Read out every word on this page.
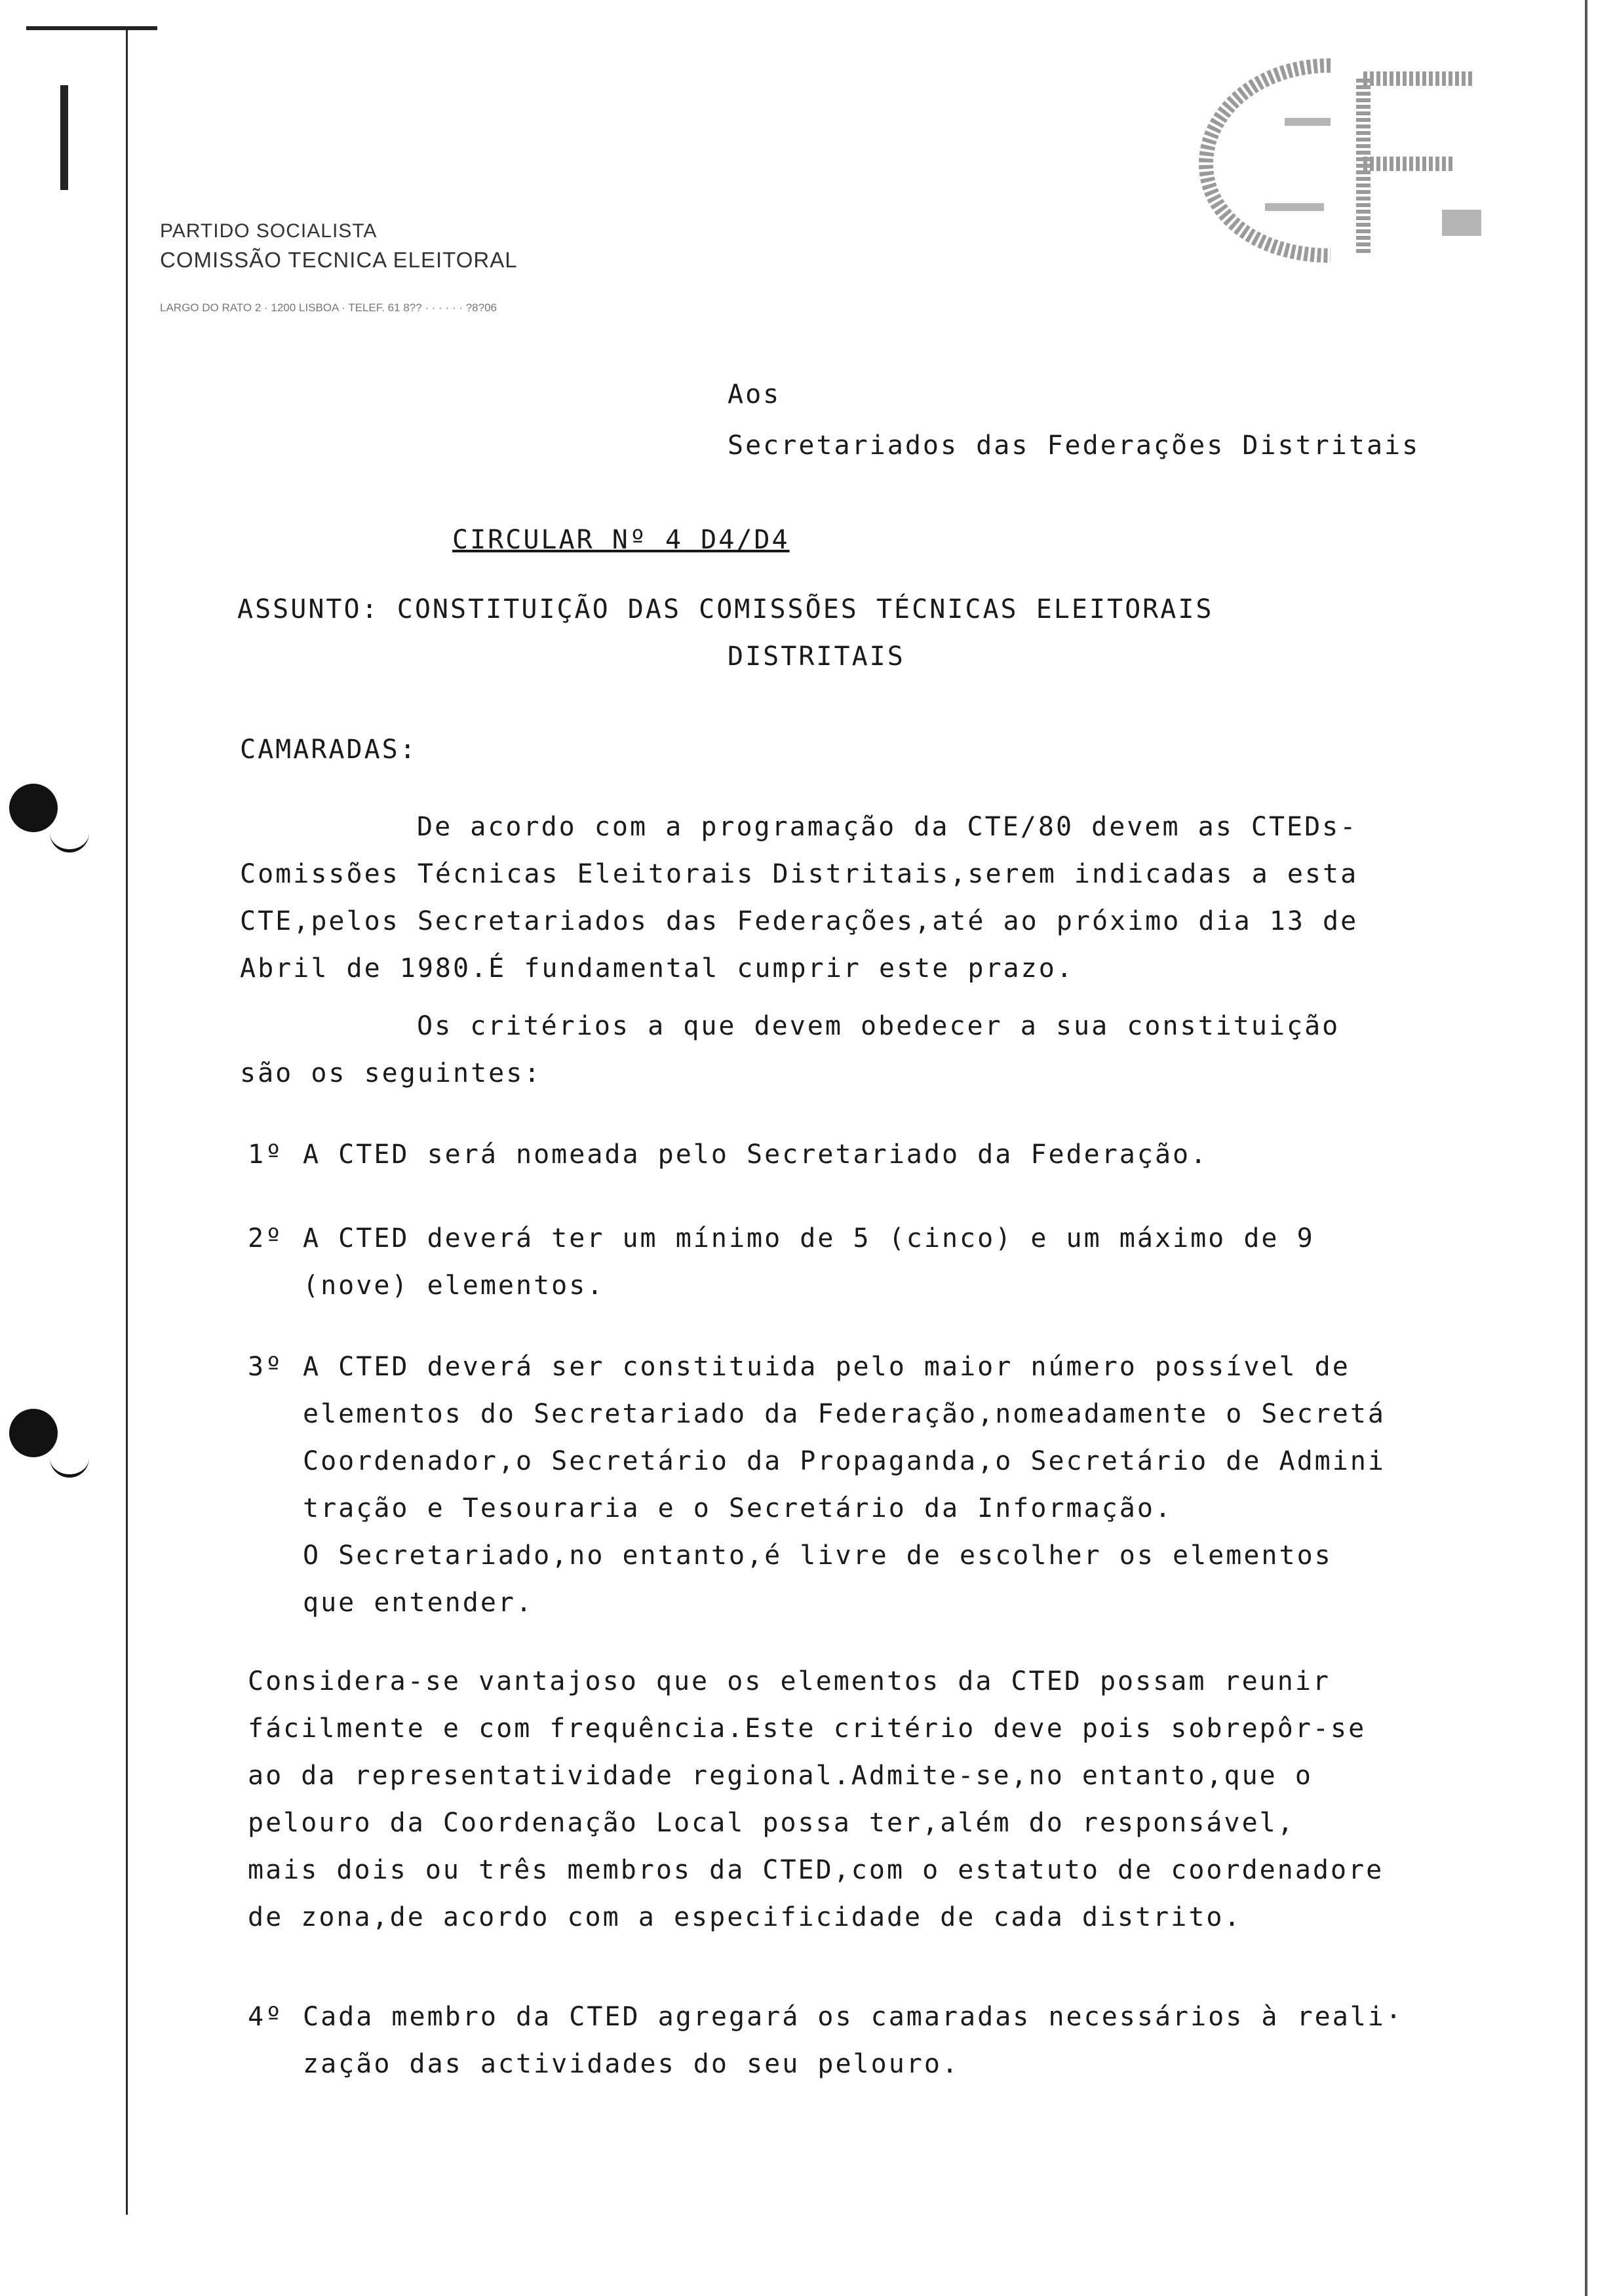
PARTIDO SOCIALISTA
COMISSÃO TECNICA ELEITORAL
LARGO DO RATO 2 · 1200 LISBOA · TELEF. 61 8?? · · · · · · ?8?06
Aos
Secretariados das Federações Distritais
CIRCULAR Nº 4 D4/D4
ASSUNTO: CONSTITUIÇÃO DAS COMISSÕES TÉCNICAS ELEITORAIS
DISTRITAIS
CAMARADAS:
De acordo com a programação da CTE/80 devem as CTEDs-
Comissões Técnicas Eleitorais Distritais,serem indicadas a esta
CTE,pelos Secretariados das Federações,até ao próximo dia 13 de
Abril de 1980.É fundamental cumprir este prazo.
Os critérios a que devem obedecer a sua constituição
são os seguintes:
1º A CTED será nomeada pelo Secretariado da Federação.
2º A CTED deverá ter um mínimo de 5 (cinco) e um máximo de 9
(nove) elementos.
3º A CTED deverá ser constituida pelo maior número possível de
elementos do Secretariado da Federação,nomeadamente o Secretá
Coordenador,o Secretário da Propaganda,o Secretário de Admini
tração e Tesouraria e o Secretário da Informação.
O Secretariado,no entanto,é livre de escolher os elementos
que entender.
Considera-se vantajoso que os elementos da CTED possam reunir
fácilmente e com frequência.Este critério deve pois sobrepôr-se
ao da representatividade regional.Admite-se,no entanto,que o
pelouro da Coordenação Local possa ter,além do responsável,
mais dois ou três membros da CTED,com o estatuto de coordenadore
de zona,de acordo com a especificidade de cada distrito.
4º Cada membro da CTED agregará os camaradas necessários à reali·
zação das actividades do seu pelouro.
